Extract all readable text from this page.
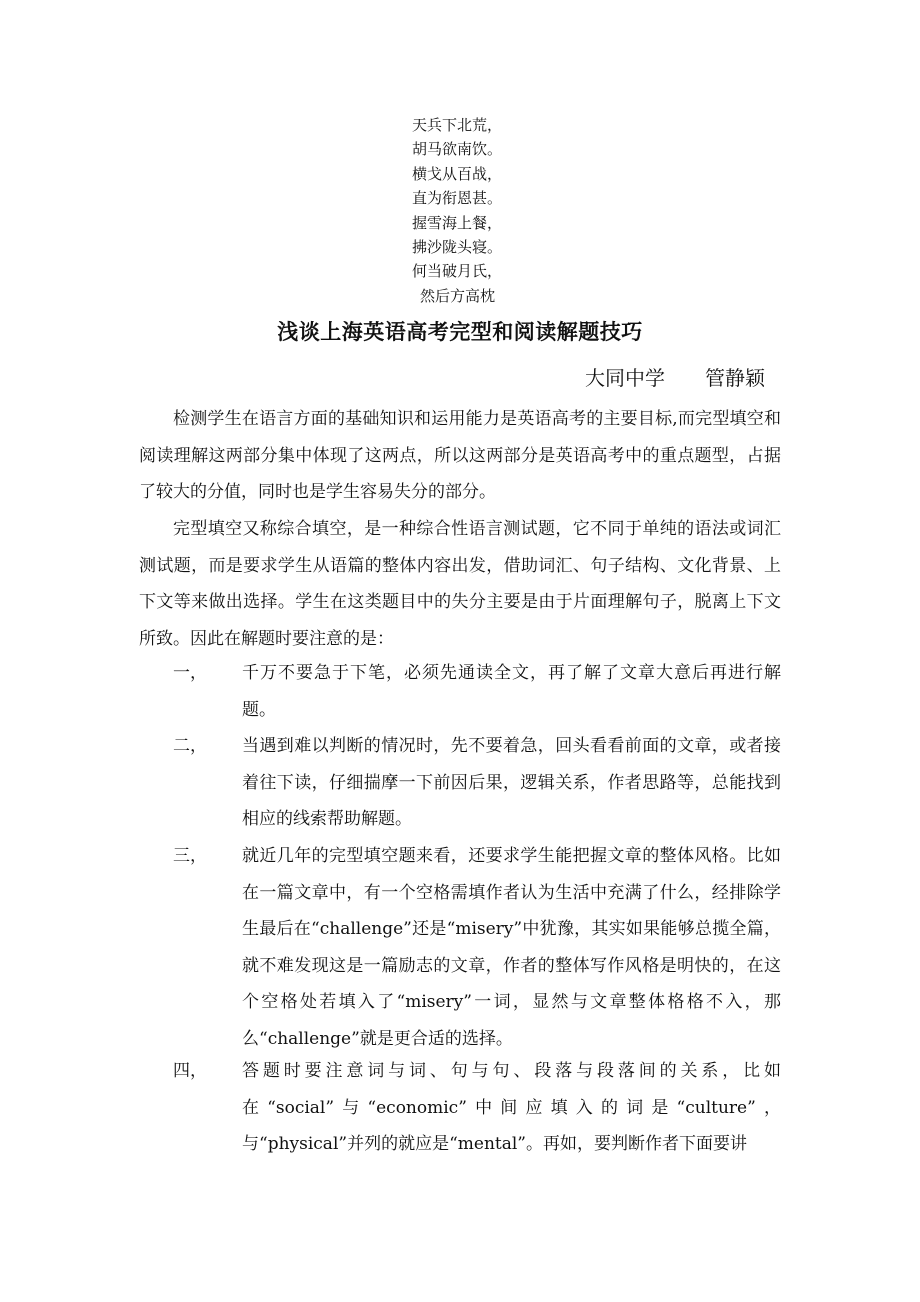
天兵下北荒，
胡马欲南饮。
横戈从百战，
直为衔恩甚。
握雪海上餐，
拂沙陇头寝。
何当破月氏，
然后方高枕
浅谈上海英语高考完型和阅读解题技巧
大同中学 管静颖
检测学生在语言方面的基础知识和运用能力是英语高考的主要目标,而完型填空和阅读理解这两部分集中体现了这两点，所以这两部分是英语高考中的重点题型，占据了较大的分值，同时也是学生容易失分的部分。
完型填空又称综合填空，是一种综合性语言测试题，它不同于单纯的语法或词汇测试题，而是要求学生从语篇的整体内容出发，借助词汇、句子结构、文化背景、上下文等来做出选择。学生在这类题目中的失分主要是由于片面理解句子，脱离上下文所致。因此在解题时要注意的是：
一， 千万不要急于下笔，必须先通读全文，再了解了文章大意后再进行解题。
二， 当遇到难以判断的情况时，先不要着急，回头看看前面的文章，或者接着往下读，仔细揣摩一下前因后果，逻辑关系，作者思路等，总能找到相应的线索帮助解题。
三， 就近几年的完型填空题来看，还要求学生能把握文章的整体风格。比如在一篇文章中，有一个空格需填作者认为生活中充满了什么，经排除学生最后在“challenge”还是“misery”中犹豫，其实如果能够总揽全篇，就不难发现这是一篇励志的文章，作者的整体写作风格是明快的，在这个空格处若填入了“misery”一词，显然与文章整体格格不入，那么“challenge”就是更合适的选择。
四， 答题时要注意词与词、句与句、段落与段落间的关系，比如在“social”与“economic”中间应填入的词是“culture”，与“physical”并列的就应是“mental”。再如，要判断作者下面要讲
